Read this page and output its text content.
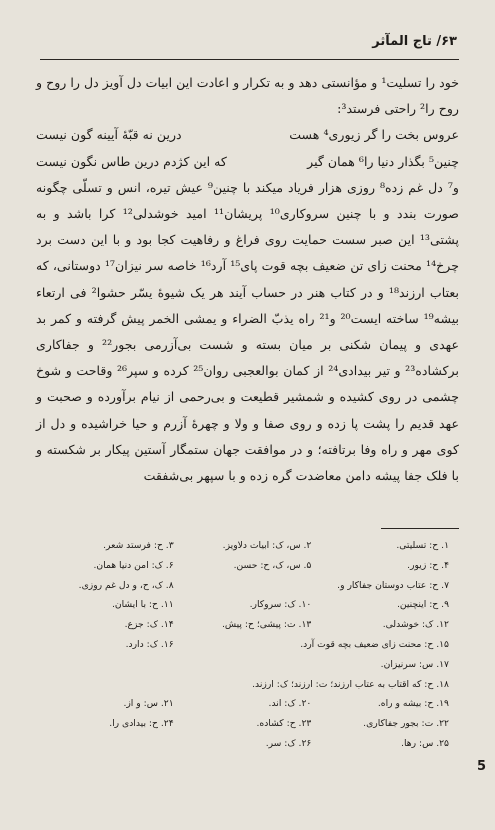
۶۳/ تاج المآثر

خود را تسلیت¹ و مؤانستی دهد و به تکرار و اعادت این ابیات دل آویز دل را روح و روح را² راحتی فرستد³:

عروس بخت را گر زیوری⁴ هست
درین نه قبّهٔ آیینه گون نیست
چنین⁵ بگذار دنیا را⁶ همان گیر
که این کژدم درین طاس نگون نیست

و⁷ دل غم زده⁸ روزی هزار فریاد میکند با چنین⁹ عیش تیره، انس و تسلّی چگونه صورت بندد و با چنین سروکاری¹⁰ پریشان¹¹ امید خوشدلی¹² کرا باشد و به پشتی¹³ این صبر سست حمایت روی فراغ و رفاهیت کجا بود و با این دست برد چرخ¹⁴ محنت زای تن ضعیف بچه قوت پای¹⁵ آرد¹⁶ خاصه سر نیزان¹⁷ دوستانی، که بعتاب ارزند¹⁸ و در کتاب هنر در حساب آیند هر یک شیوهٔ یسّر حشوا² فی ارتعاء بیشه¹⁹ ساخته ایست²⁰ و²¹ راه یذبّ الضراء و یمشی الخمر پیش گرفته و کمر بد عهدی و پیمان شکنی بر میان بسته و شست بی‌آزرمی بجور²² و جفاکاری برکشاده²³ و تیر بیدادی²⁴ از کمان بوالعجبی روان²⁵ کرده و سپر²⁶ وقاحت و شوخ چشمی در روی کشیده و شمشیر قطیعت و بی‌رحمی از نیام برآورده و صحبت و عهد قدیم را پشت پا زده و روی صفا و ولا و چهرهٔ آزرم و حیا خراشیده و دل از کوی مهر و راه وفا برتافته؛ و در موافقت جهان ستمگار آستین پیکار بر شکسته و با فلک جفا پیشه دامن معاضدت گره زده و با سپهر بی‌شفقت

۱. ح: تسلیتی.
۲. س، ک: ابیات دلاویز.
۳. ح: فرستد شعر.
۴. ح: زیور.
۵. س، ک، ح: حسن.
۶. ک: امن دنیا همان.
۷. ح: عتاب دوستان جفاکار و.
۸. ک، ح، و دل غم روزی.
۹. ح: اینچنین.
۱۰. ک: سروکار.
۱۱. ح: با ایشان.
۱۲. ک: خوشدلی.
۱۳. ت: پیشی؛ ح: پیش.
۱۴. ک: جزع.
۱۵. ح: محنت زای ضعیف بچه قوت آرد.
۱۶. ک: دارد.
۱۷. س: سرنیزان.
۱۸. ح: که اقتاب به عتاب ارزند؛ ت: ارزند؛ ک: ارزند.
۱۹. ح: بیشه و راه.
۲۰. ک: اند.
۲۱. س: و از.
۲۲. ت: بجور جفاکاری.
۲۳. ح: کشاده.
۲۴. ح: بیدادی را.
۲۵. س: رها.
۲۶. ک: سر.
5
